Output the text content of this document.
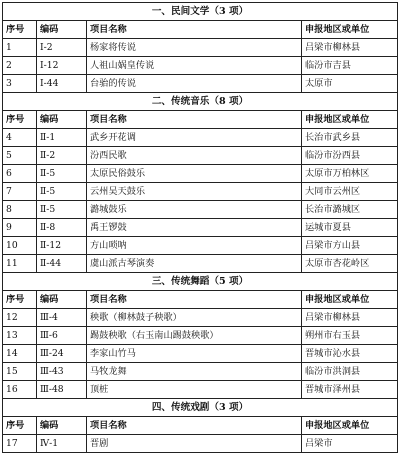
一、民间文学（3 项）			
序号	编码	项目名称	申报地区或单位
1	Ⅰ-2	杨家将传说	吕梁市柳林县
2	Ⅰ-12	人祖山娲皇传说	临汾市吉县
3	Ⅰ-44	台骀的传说	太原市
二、传统音乐（8 项）			
序号	编码	项目名称	申报地区或单位
4	Ⅱ-1	武乡开花调	长治市武乡县
5	Ⅱ-2	汾西民歌	临汾市汾西县
6	Ⅱ-5	太原民俗鼓乐	太原市万柏林区
7	Ⅱ-5	云州吴天鼓乐	大同市云州区
8	Ⅱ-5	潞城鼓乐	长治市潞城区
9	Ⅱ-8	禹王锣鼓	运城市夏县
10	Ⅱ-12	方山唢呐	吕梁市方山县
11	Ⅱ-44	虞山派古琴演奏	太原市杏花岭区
三、传统舞蹈（5 项）			
序号	编码	项目名称	申报地区或单位
12	Ⅲ-4	秧歌（柳林鼓子秧歌）	吕梁市柳林县
13	Ⅲ-6	踢鼓秧歌（右玉南山踢鼓秧歌）	朔州市右玉县
14	Ⅲ-24	李家山竹马	晋城市沁水县
15	Ⅲ-43	马牧龙舞	临汾市洪洞县
16	Ⅲ-48	顶桩	晋城市泽州县
四、传统戏剧（3 项）			
序号	编码	项目名称	申报地区或单位
17	Ⅳ-1	晋剧	吕梁市
